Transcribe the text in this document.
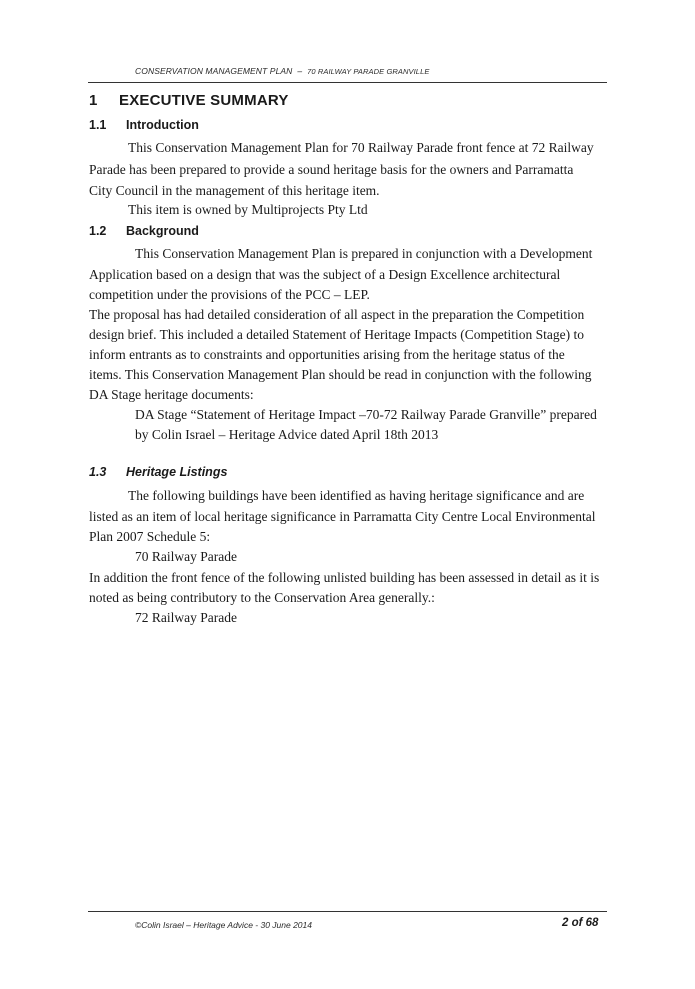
CONSERVATION MANAGEMENT PLAN – 70 RAILWAY PARADE GRANVILLE
1 EXECUTIVE SUMMARY
1.1 Introduction
This Conservation Management Plan for 70 Railway Parade front fence at 72 Railway
Parade has been prepared to provide a sound heritage basis for the owners and Parramatta
City Council in the management of this heritage item.
This item is owned by Multiprojects Pty Ltd
1.2 Background
This Conservation Management Plan is prepared in conjunction with a Development
Application based on a design that was the subject of a Design Excellence architectural
competition under the provisions of the PCC – LEP.
The proposal has had detailed consideration of all aspect in the preparation the Competition
design brief. This included a detailed Statement of Heritage Impacts (Competition Stage) to
inform entrants as to constraints and opportunities arising from the heritage status of the
items. This Conservation Management Plan should be read in conjunction with the following
DA Stage heritage documents:
DA Stage “Statement of Heritage Impact –70-72 Railway Parade Granville” prepared
by Colin Israel – Heritage Advice dated April 18th 2013
1.3 Heritage Listings
The following buildings have been identified as having heritage significance and are
listed as an item of local heritage significance in Parramatta City Centre Local Environmental
Plan 2007 Schedule 5:
70 Railway Parade
In addition the front fence of the following unlisted building has been assessed in detail as it is
noted as being contributory to the Conservation Area generally.:
72 Railway Parade
©Colin Israel – Heritage Advice - 30 June 2014	2 of 68
